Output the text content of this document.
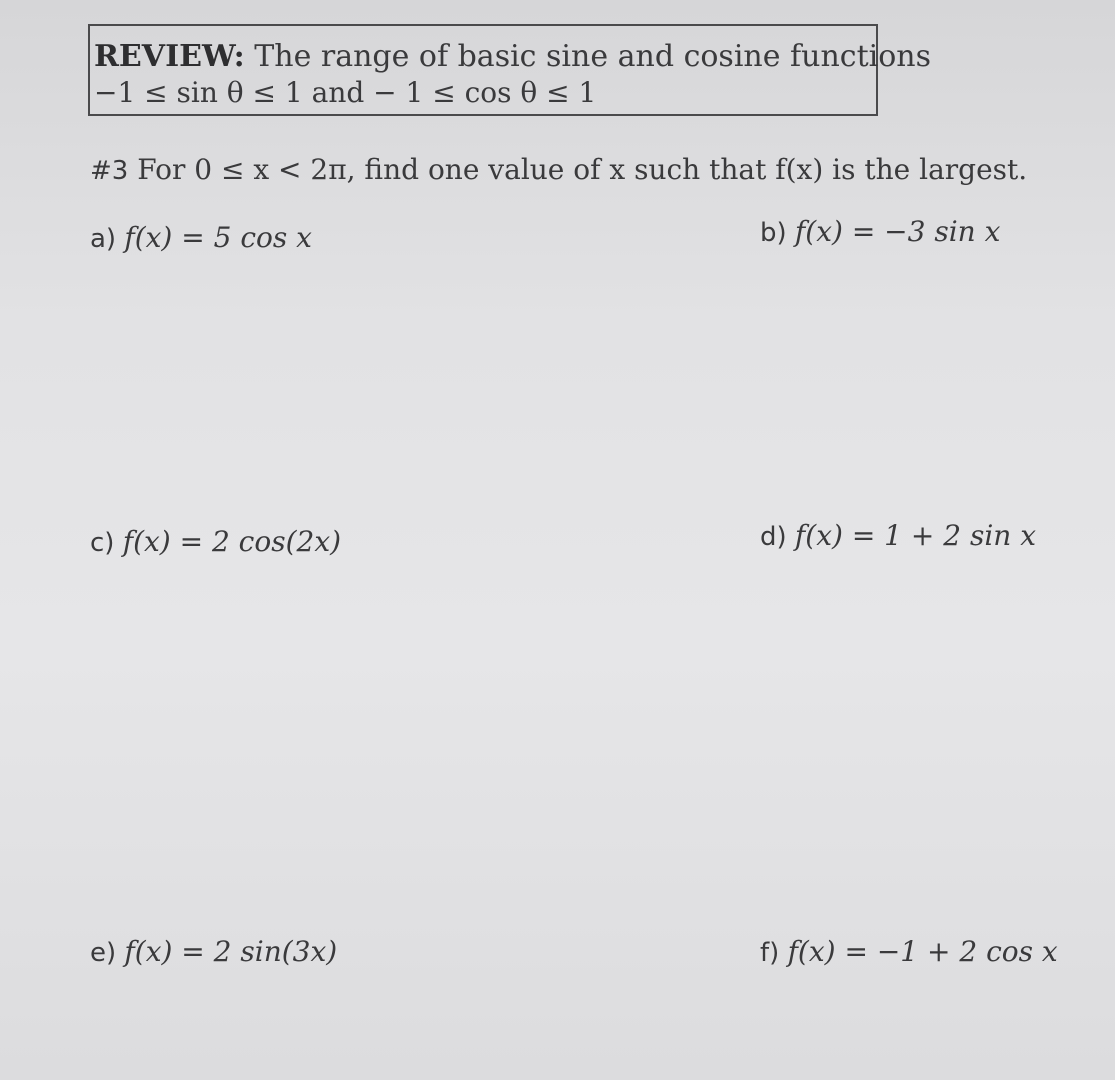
REVIEW: The range of basic sine and cosine functions
−1 ≤ sin θ ≤ 1 and − 1 ≤ cos θ ≤ 1
#3 For 0 ≤ x < 2π, find one value of x such that f(x) is the largest.
a) f(x) = 5 cos x	b) f(x) = −3 sin x
c) f(x) = 2 cos(2x)	d) f(x) = 1 + 2 sin x
e) f(x) = 2 sin(3x)	f) f(x) = −1 + 2 cos x
